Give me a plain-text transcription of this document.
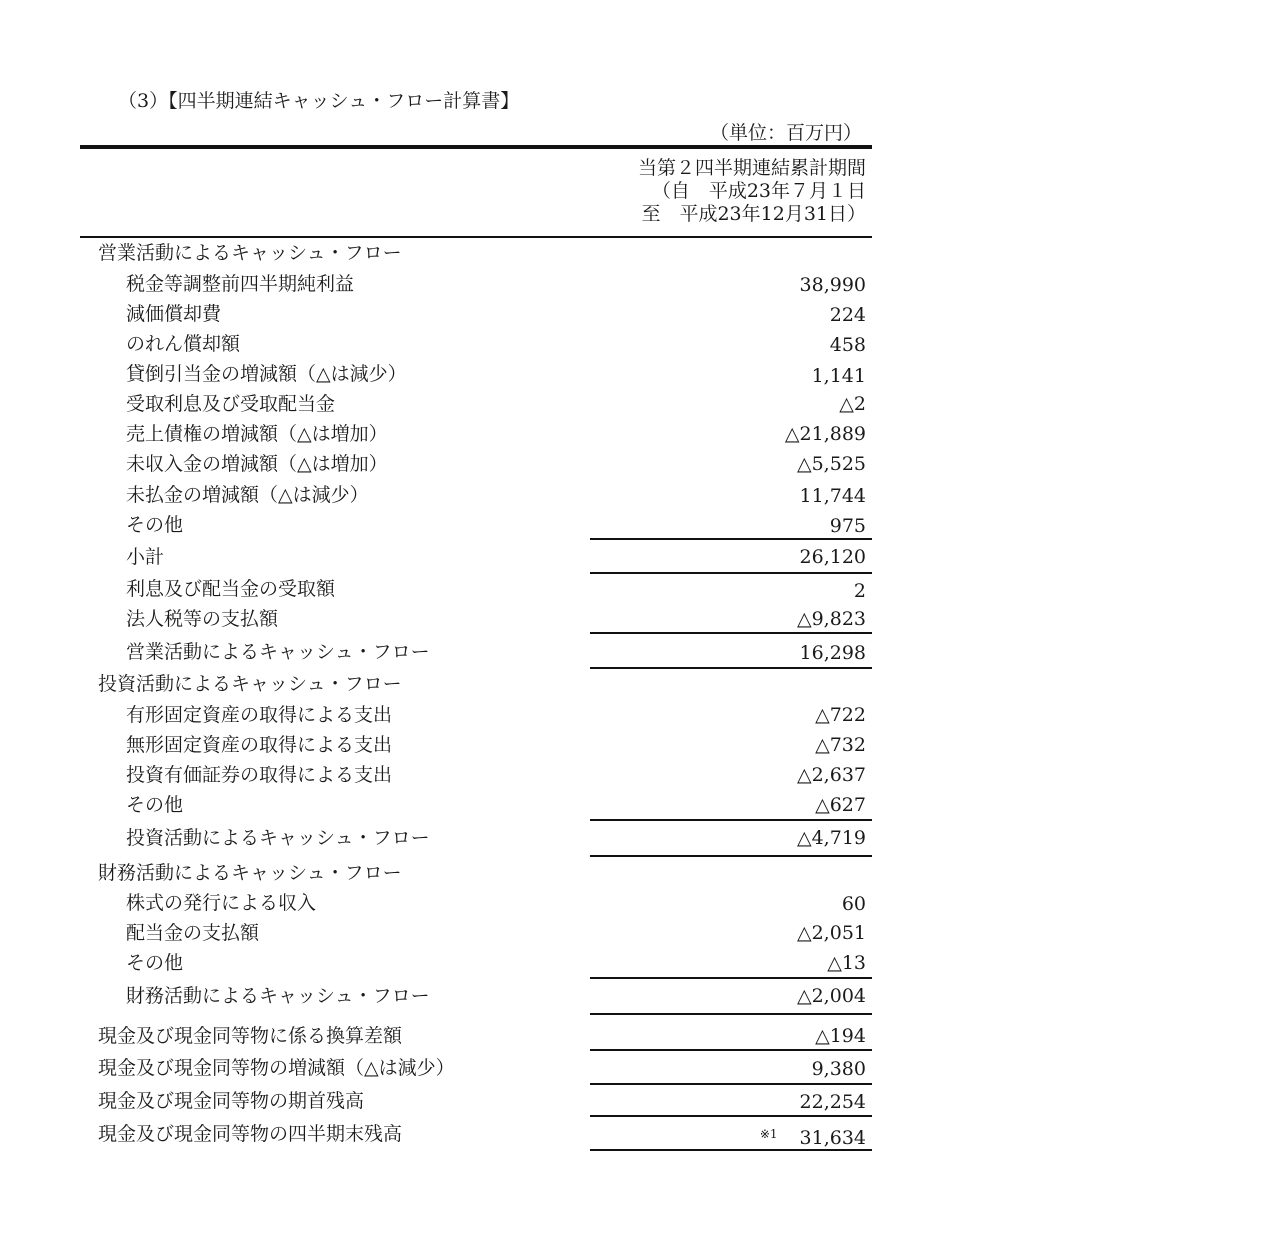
（3）【四半期連結キャッシュ・フロー計算書】
（単位：百万円）
当第２四半期連結累計期間
（自　平成23年７月１日
至　平成23年12月31日）
営業活動によるキャッシュ・フロー
税金等調整前四半期純利益	38,990
減価償却費	224
のれん償却額	458
貸倒引当金の増減額（△は減少）	1,141
受取利息及び受取配当金	△2
売上債権の増減額（△は増加）	△21,889
未収入金の増減額（△は増加）	△5,525
未払金の増減額（△は減少）	11,744
その他	975
小計	26,120
利息及び配当金の受取額	2
法人税等の支払額	△9,823
営業活動によるキャッシュ・フロー	16,298
投資活動によるキャッシュ・フロー
有形固定資産の取得による支出	△722
無形固定資産の取得による支出	△732
投資有価証券の取得による支出	△2,637
その他	△627
投資活動によるキャッシュ・フロー	△4,719
財務活動によるキャッシュ・フロー
株式の発行による収入	60
配当金の支払額	△2,051
その他	△13
財務活動によるキャッシュ・フロー	△2,004
現金及び現金同等物に係る換算差額	△194
現金及び現金同等物の増減額（△は減少）	9,380
現金及び現金同等物の期首残高	22,254
現金及び現金同等物の四半期末残高	$^{※1}$ 31,634
